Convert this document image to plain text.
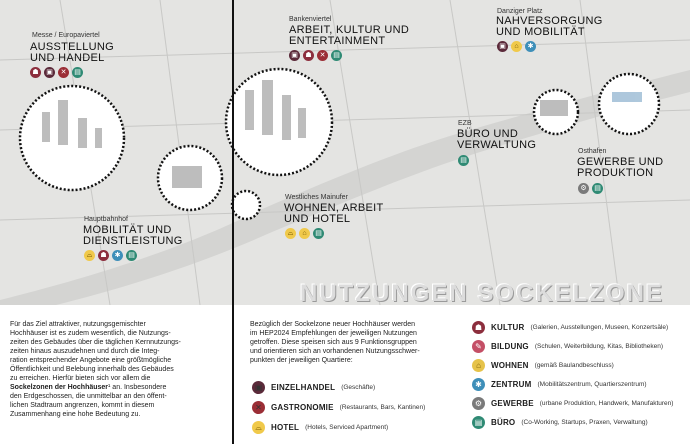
Messe / Europaviertel
AUSSTELLUNG
UND HANDEL
☗	▣	✕	▤
Bankenviertel
ARBEIT, KULTUR UND
ENTERTAINMENT
▣	☗	✕	▤
Danziger Platz
NAHVERSORGUNG
UND MOBILITÄT
▣	⌂	✱
EZB
BÜRO UND
VERWALTUNG
▤
Osthafen
GEWERBE UND
PRODUKTION
⚙	▤
Westliches Mainufer
WOHNEN, ARBEIT
UND HOTEL
⌓	⌂	▤
Hauptbahnhof
MOBILITÄT UND
DIENSTLEISTUNG
⌓	☗	✱	▤
NUTZUNGEN SOCKELZONE
Für das Ziel attraktiver, nutzungsgemischter
Hochhäuser ist es zudem wesentlich, die Nutzungs-
zeiten des Gebäudes über die täglichen Kernnutzungs-
zeiten hinaus auszudehnen und durch die Integ-
ration entsprechender Angebote eine größtmögliche
Öffentlichkeit und Belebung innerhalb des Gebäudes
zu erreichen. Hierfür bieten sich vor allem die
Sockelzonen der Hochhäuser¹ an. Insbesondere
den Erdgeschossen, die unmittelbar an den öffent-
lichen Stadtraum angrenzen, kommt in diesem
Zusammenhang eine hohe Bedeutung zu.
Bezüglich der Sockelzone neuer Hochhäuser werden
im HEP2024 Empfehlungen der jeweiligen Nutzungen
getroffen. Diese speisen sich aus 9 Funktionsgruppen
und orientieren sich an vorhandenen Nutzungsschwer-
punkten der jeweiligen Quartiere:
▣	EINZELHANDEL (Geschäfte)
✕	GASTRONOMIE (Restaurants, Bars, Kantinen)
⌓	HOTEL (Hotels, Serviced Apartment)
☗	KULTUR (Galerien, Ausstellungen, Museen, Konzertsäle)
✎	BILDUNG (Schulen, Weiterbildung, Kitas, Bibliotheken)
⌂	WOHNEN (gemäß Baulandbeschluss)
✱	ZENTRUM (Mobilitätszentrum, Quartierszentrum)
⚙	GEWERBE (urbane Produktion, Handwerk, Manufakturen)
▤	BÜRO (Co-Working, Startups, Praxen, Verwaltung)
